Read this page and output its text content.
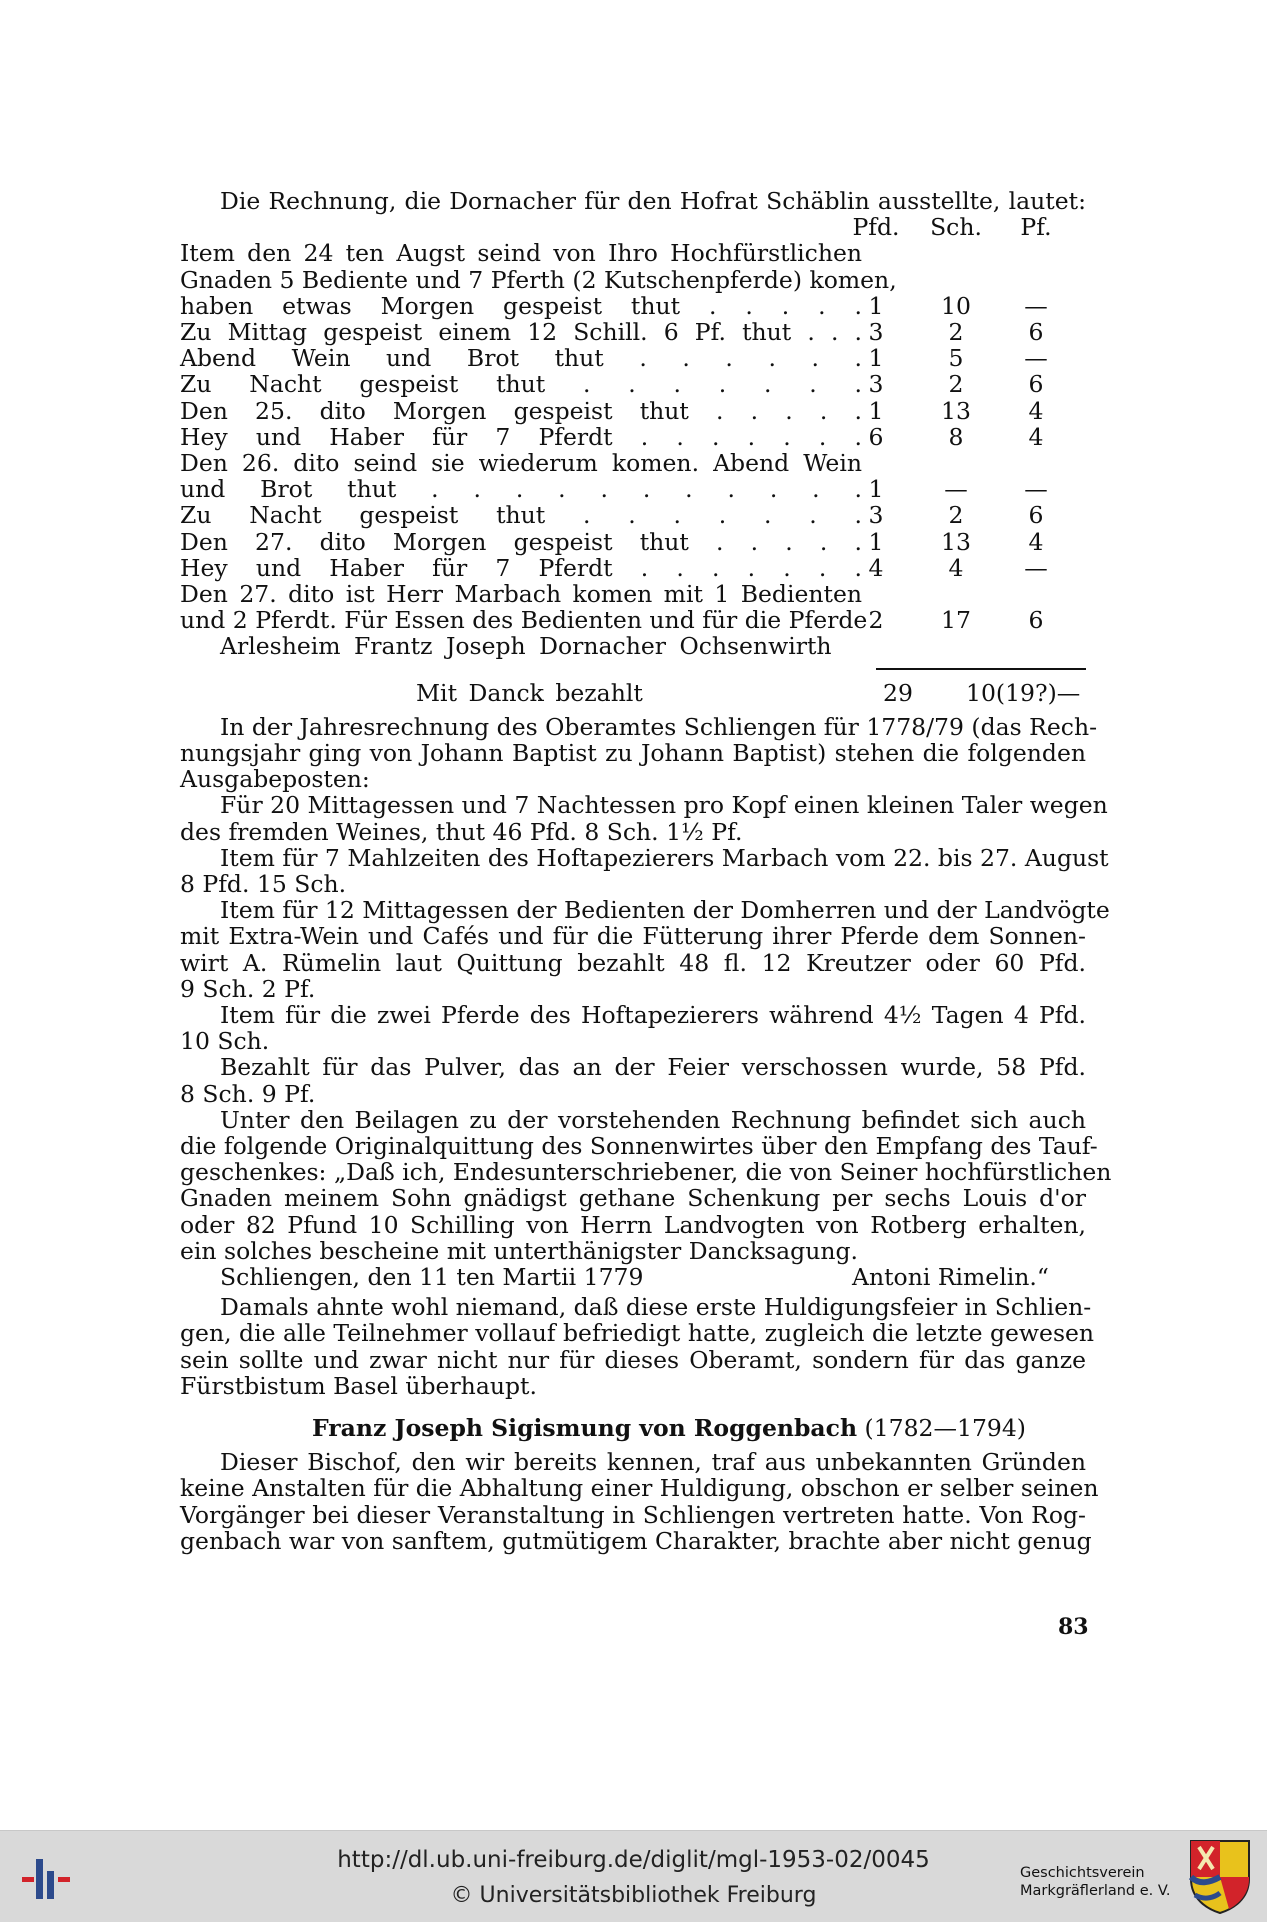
Die Rechnung, die Dornacher für den Hofrat Schäblin ausstellte, lautet:
Pfd. Sch.	Pf.
Item den 24 ten Augst seind von Ihro Hochfürstlichen
Gnaden 5 Bediente und 7 Pferth (2 Kutschenpferde) komen,
haben etwas Morgen gespeist thut . . . . . 1	10	—
Zu Mittag gespeist einem 12 Schill. 6 Pf. thut . . . 3	2	6
Abend Wein und Brot thut . . . . . . 1	5	—
Zu Nacht gespeist thut . . . . . . . 3	2	6
Den 25. dito Morgen gespeist thut . . . . . 1	13	4
Hey und Haber für 7 Pferdt . . . . . . . 6	8	4
Den 26. dito seind sie wiederum komen. Abend Wein
und Brot thut . . . . . . . . . . . 1	—	—
Zu Nacht gespeist thut . . . . . . . 3	2	6
Den 27. dito Morgen gespeist thut . . . . . 1	13	4
Hey und Haber für 7 Pferdt . . . . . . . 4	4	—
Den 27. dito ist Herr Marbach komen mit 1 Bedienten
und 2 Pferdt. Für Essen des Bedienten und für die Pferde 2	17	6
Arlesheim Frantz Joseph Dornacher Ochsenwirth
Mit Danck bezahlt	29	10(19?)—
In der Jahresrechnung des Oberamtes Schliengen für 1778/79 (das Rech-
nungsjahr ging von Johann Baptist zu Johann Baptist) stehen die folgenden
Ausgabeposten:
Für 20 Mittagessen und 7 Nachtessen pro Kopf einen kleinen Taler wegen
des fremden Weines, thut 46 Pfd. 8 Sch. 1½ Pf.
Item für 7 Mahlzeiten des Hoftapezierers Marbach vom 22. bis 27. August
8 Pfd. 15 Sch.
Item für 12 Mittagessen der Bedienten der Domherren und der Landvögte
mit Extra-Wein und Cafés und für die Fütterung ihrer Pferde dem Sonnen-
wirt A. Rümelin laut Quittung bezahlt 48 fl. 12 Kreutzer oder 60 Pfd.
9 Sch. 2 Pf.
Item für die zwei Pferde des Hoftapezierers während 4½ Tagen 4 Pfd.
10 Sch.
Bezahlt für das Pulver, das an der Feier verschossen wurde, 58 Pfd.
8 Sch. 9 Pf.
Unter den Beilagen zu der vorstehenden Rechnung befindet sich auch
die folgende Originalquittung des Sonnenwirtes über den Empfang des Tauf-
geschenkes: „Daß ich, Endesunterschriebener, die von Seiner hochfürstlichen
Gnaden meinem Sohn gnädigst gethane Schenkung per sechs Louis d'or
oder 82 Pfund 10 Schilling von Herrn Landvogten von Rotberg erhalten,
ein solches bescheine mit unterthänigster Dancksagung.
Schliengen, den 11 ten Martii 1779	Antoni Rimelin.“
Damals ahnte wohl niemand, daß diese erste Huldigungsfeier in Schlien-
gen, die alle Teilnehmer vollauf befriedigt hatte, zugleich die letzte gewesen
sein sollte und zwar nicht nur für dieses Oberamt, sondern für das ganze
Fürstbistum Basel überhaupt.
Franz Joseph Sigismung von Roggenbach (1782—1794)
Dieser Bischof, den wir bereits kennen, traf aus unbekannten Gründen
keine Anstalten für die Abhaltung einer Huldigung, obschon er selber seinen
Vorgänger bei dieser Veranstaltung in Schliengen vertreten hatte. Von Rog-
genbach war von sanftem, gutmütigem Charakter, brachte aber nicht genug
83
http://dl.ub.uni-freiburg.de/diglit/mgl-1953-02/0045
© Universitätsbibliothek Freiburg
Geschichtsverein
Markgräflerland e. V.
